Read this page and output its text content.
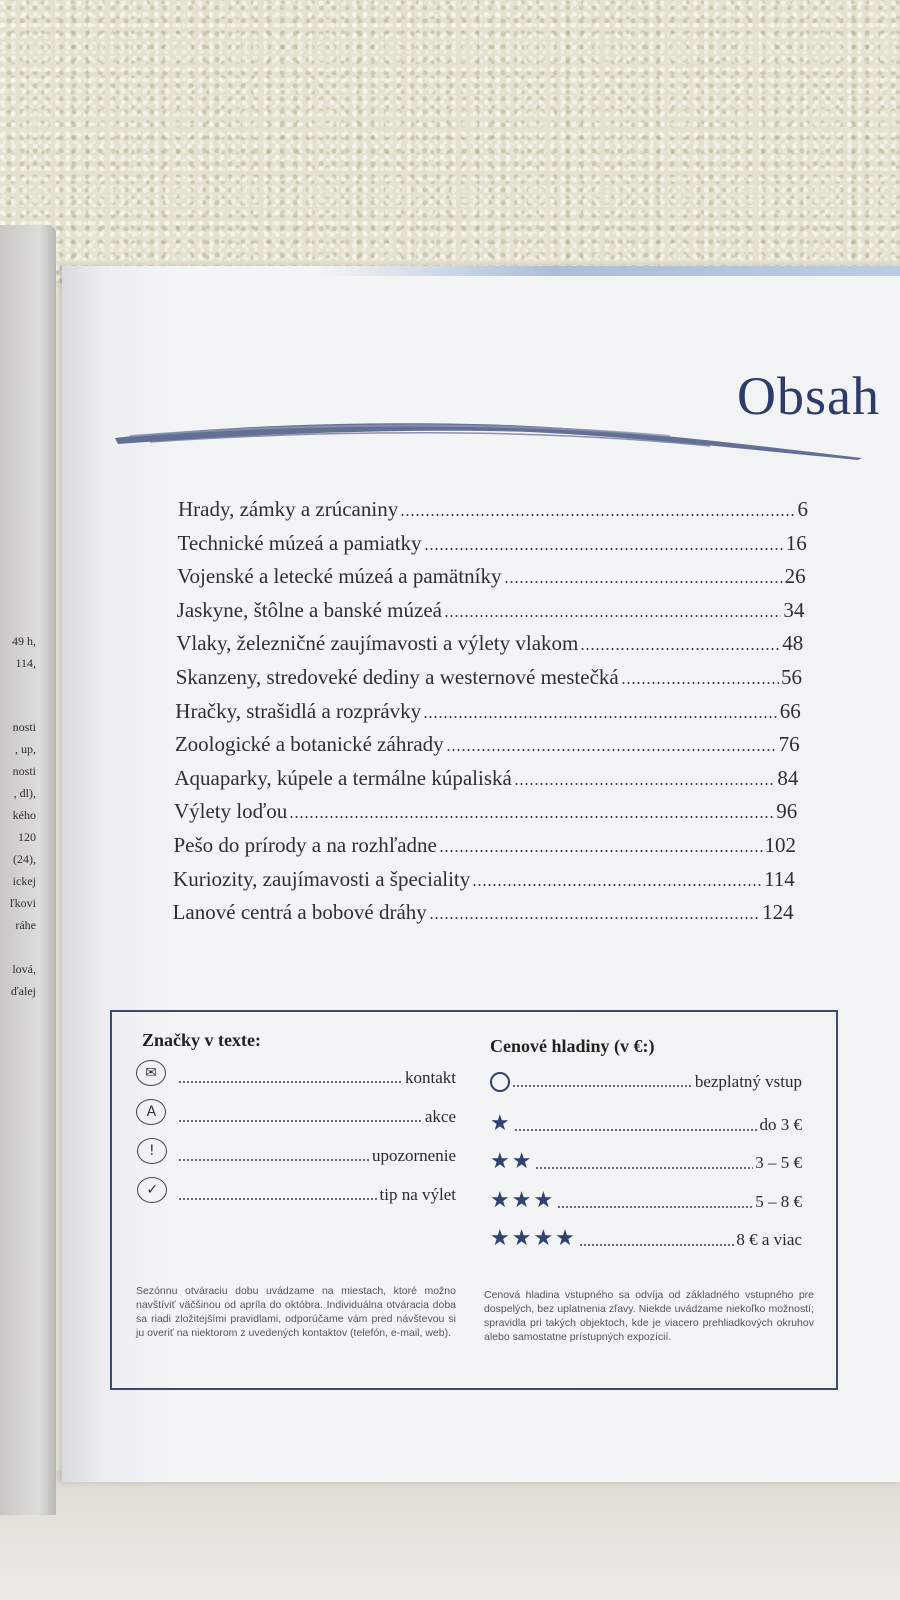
49 h,
114,
nosti
, up,
nosti
, dl),
kého
120
(24),
ickej
ľkovi
ráhe
lová,
ďalej
Obsah
Hrady, zámky a zrúcaniny	6
Technické múzeá a pamiatky	16
Vojenské a letecké múzeá a pamätníky	26
Jaskyne, štôlne a banské múzeá	34
Vlaky, železničné zaujímavosti a výlety vlakom	48
Skanzeny, stredoveké dediny a westernové mestečká	56
Hračky, strašidlá a rozprávky	66
Zoologické a botanické záhrady	76
Aquaparky, kúpele a termálne kúpaliská	84
Výlety loďou	96
Pešo do prírody a na rozhľadne	102
Kuriozity, zaujímavosti a špeciality	114
Lanové centrá a bobové dráhy	124
Značky v texte:
✉	kontakt
A	akce
!	upozornenie
✓	tip na výlet
Cenové hladiny (v €:)
bezplatný vstup
★	do 3 €
★★	3 – 5 €
★★★	5 – 8 €
★★★★	8 € a viac
Sezónnu otváraciu dobu uvádzame na miestach, ktoré možno navštíviť väčšinou od apríla do októbra. Individuálna otváracia doba sa riadi zložitejšími pravidlami, odporúčame vám pred návštevou si ju overiť na niektorom z uvedených kontaktov (telefón, e-mail, web).
Cenová hladina vstupného sa odvíja od základného vstupného pre dospelých, bez uplatnenia zľavy. Niekde uvádzame niekoľko možností; spravidla pri takých objektoch, kde je viacero prehliadkových okruhov alebo samostatne prístupných expozícií.
